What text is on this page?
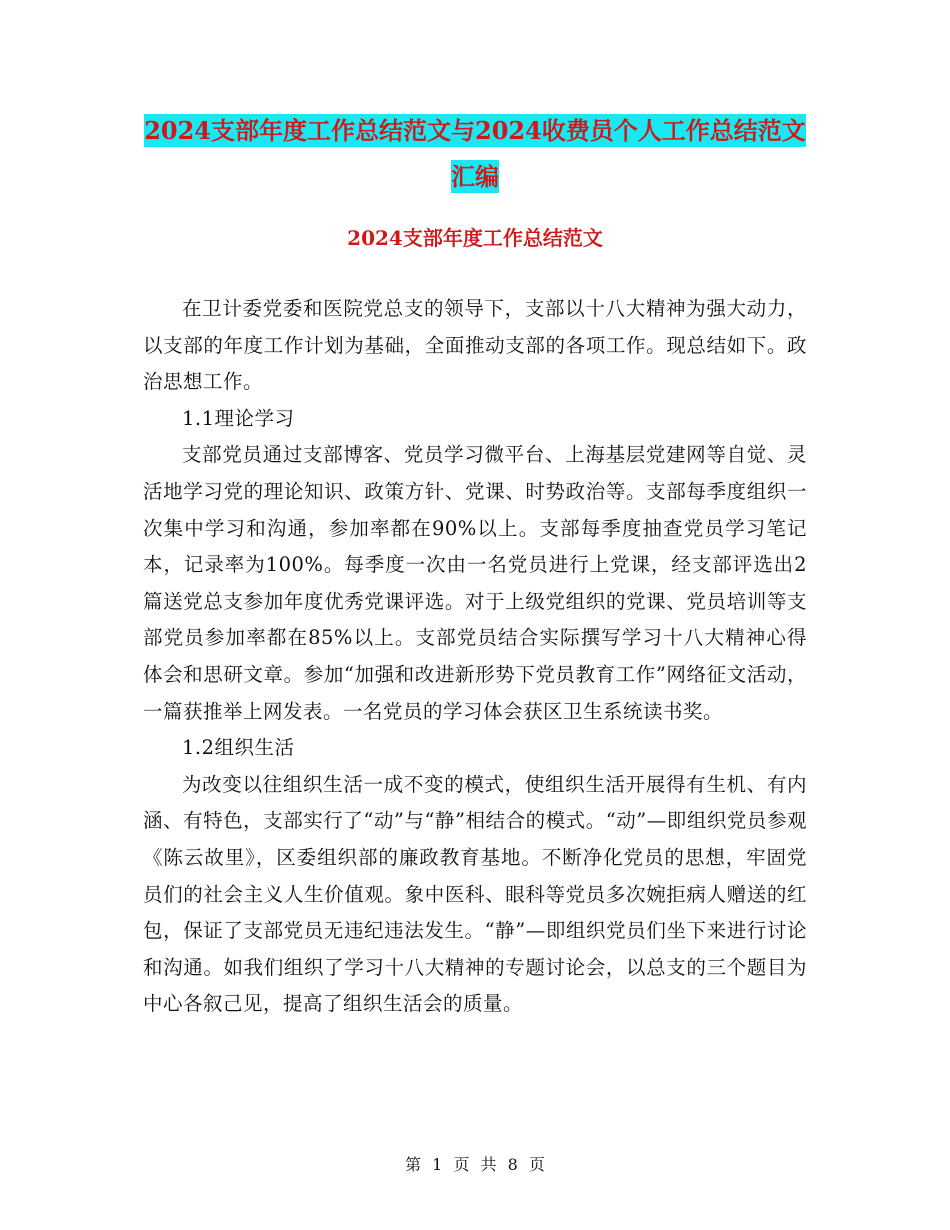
2024支部年度工作总结范文与2024收费员个人工作总结范文汇编
2024支部年度工作总结范文

在卫计委党委和医院党总支的领导下，支部以十八大精神为强大动力，以支部的年度工作计划为基础，全面推动支部的各项工作。现总结如下。政治思想工作。

1.1理论学习

支部党员通过支部博客、党员学习微平台、上海基层党建网等自觉、灵活地学习党的理论知识、政策方针、党课、时势政治等。支部每季度组织一次集中学习和沟通，参加率都在90%以上。支部每季度抽查党员学习笔记本，记录率为100%。每季度一次由一名党员进行上党课，经支部评选出2篇送党总支参加年度优秀党课评选。对于上级党组织的党课、党员培训等支部党员参加率都在85%以上。支部党员结合实际撰写学习十八大精神心得体会和思研文章。参加“加强和改进新形势下党员教育工作”网络征文活动，一篇获推举上网发表。一名党员的学习体会获区卫生系统读书奖。

1.2组织生活

为改变以往组织生活一成不变的模式，使组织生活开展得有生机、有内涵、有特色，支部实行了“动”与“静”相结合的模式。“动”—即组织党员参观《陈云故里》，区委组织部的廉政教育基地。不断净化党员的思想，牢固党员们的社会主义人生价值观。象中医科、眼科等党员多次婉拒病人赠送的红包，保证了支部党员无违纪违法发生。“静”—即组织党员们坐下来进行讨论和沟通。如我们组织了学习十八大精神的专题讨论会，以总支的三个题目为中心各叙己见，提高了组织生活会的质量。

第 1 页 共 8 页
